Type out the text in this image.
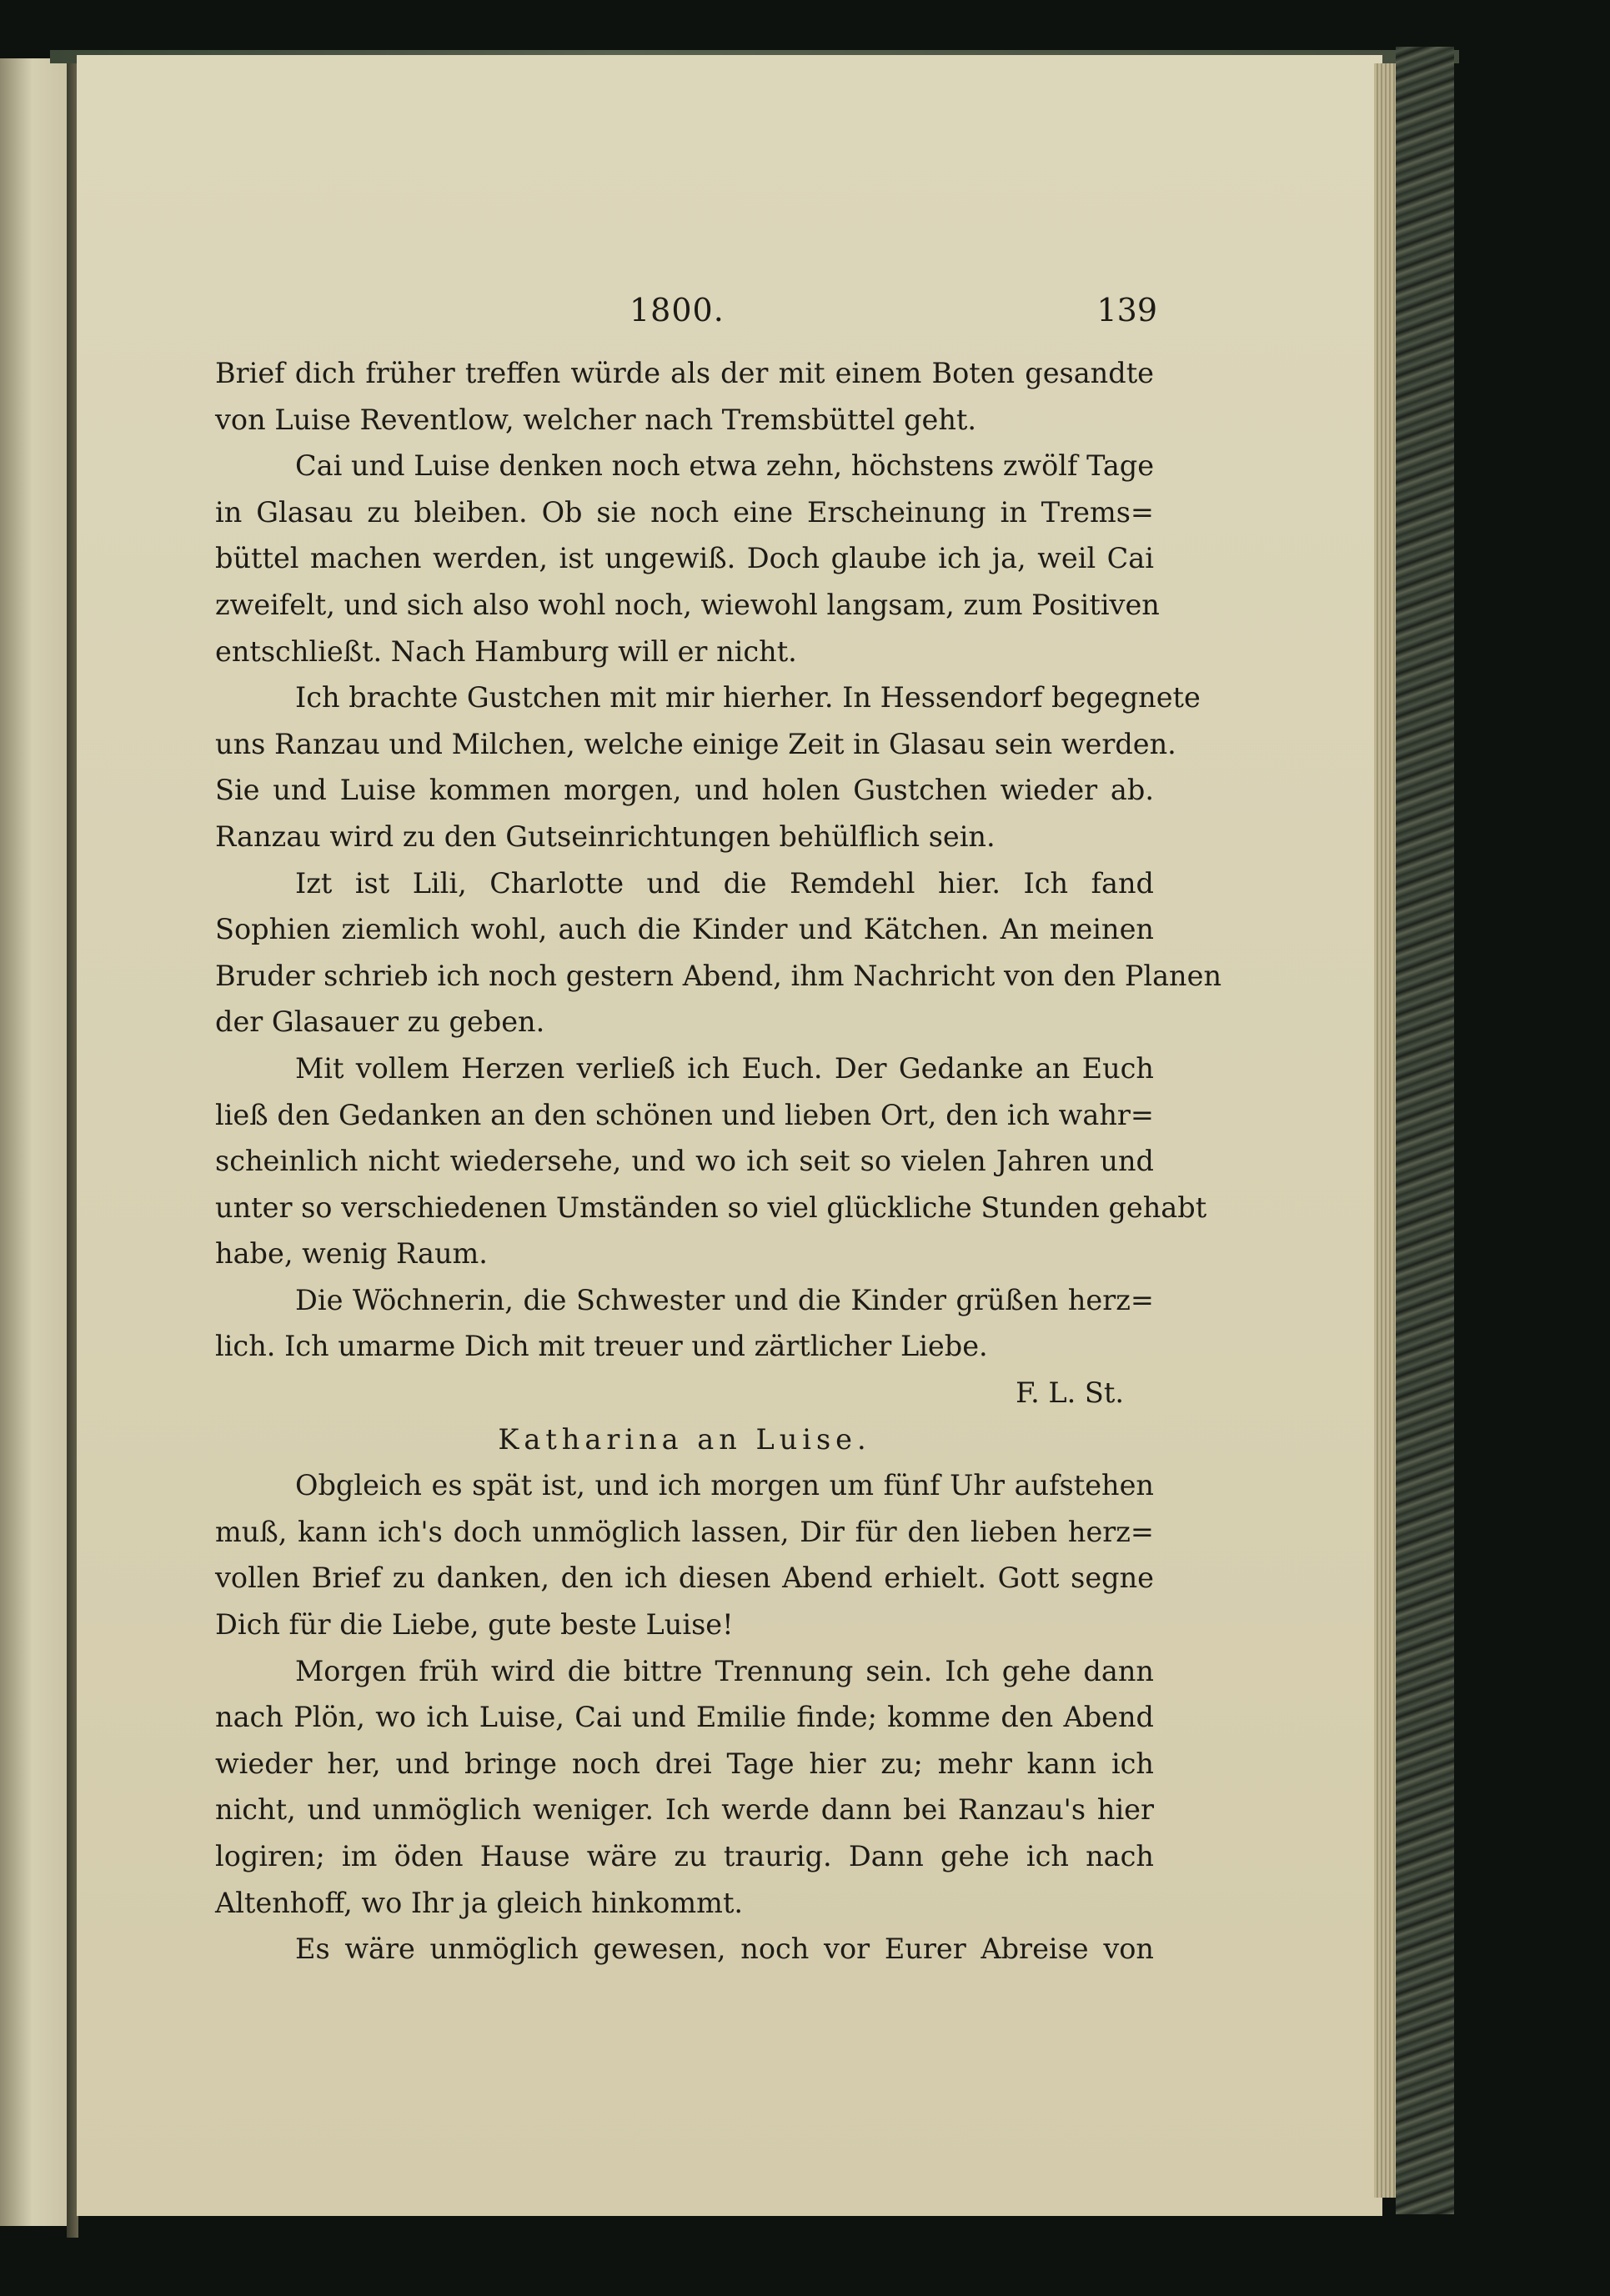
1800.	139
Brief dich früher treffen würde als der mit einem Boten gesandte
von Luise Reventlow, welcher nach Tremsbüttel geht.
Cai und Luise denken noch etwa zehn, höchstens zwölf Tage
in Glasau zu bleiben. Ob sie noch eine Erscheinung in Trems=
büttel machen werden, ist ungewiß. Doch glaube ich ja, weil Cai
zweifelt, und sich also wohl noch, wiewohl langsam, zum Positiven
entschließt. Nach Hamburg will er nicht.
Ich brachte Gustchen mit mir hierher. In Hessendorf begegnete
uns Ranzau und Milchen, welche einige Zeit in Glasau sein werden.
Sie und Luise kommen morgen, und holen Gustchen wieder ab.
Ranzau wird zu den Gutseinrichtungen behülflich sein.
Izt ist Lili, Charlotte und die Remdehl hier. Ich fand
Sophien ziemlich wohl, auch die Kinder und Kätchen. An meinen
Bruder schrieb ich noch gestern Abend, ihm Nachricht von den Planen
der Glasauer zu geben.
Mit vollem Herzen verließ ich Euch. Der Gedanke an Euch
ließ den Gedanken an den schönen und lieben Ort, den ich wahr=
scheinlich nicht wiedersehe, und wo ich seit so vielen Jahren und
unter so verschiedenen Umständen so viel glückliche Stunden gehabt
habe, wenig Raum.
Die Wöchnerin, die Schwester und die Kinder grüßen herz=
lich. Ich umarme Dich mit treuer und zärtlicher Liebe.
F. L. St.
Katharina an Luise.
Obgleich es spät ist, und ich morgen um fünf Uhr aufstehen
muß, kann ich's doch unmöglich lassen, Dir für den lieben herz=
vollen Brief zu danken, den ich diesen Abend erhielt. Gott segne
Dich für die Liebe, gute beste Luise!
Morgen früh wird die bittre Trennung sein. Ich gehe dann
nach Plön, wo ich Luise, Cai und Emilie finde; komme den Abend
wieder her, und bringe noch drei Tage hier zu; mehr kann ich
nicht, und unmöglich weniger. Ich werde dann bei Ranzau's hier
logiren; im öden Hause wäre zu traurig. Dann gehe ich nach
Altenhoff, wo Ihr ja gleich hinkommt.
Es wäre unmöglich gewesen, noch vor Eurer Abreise von
